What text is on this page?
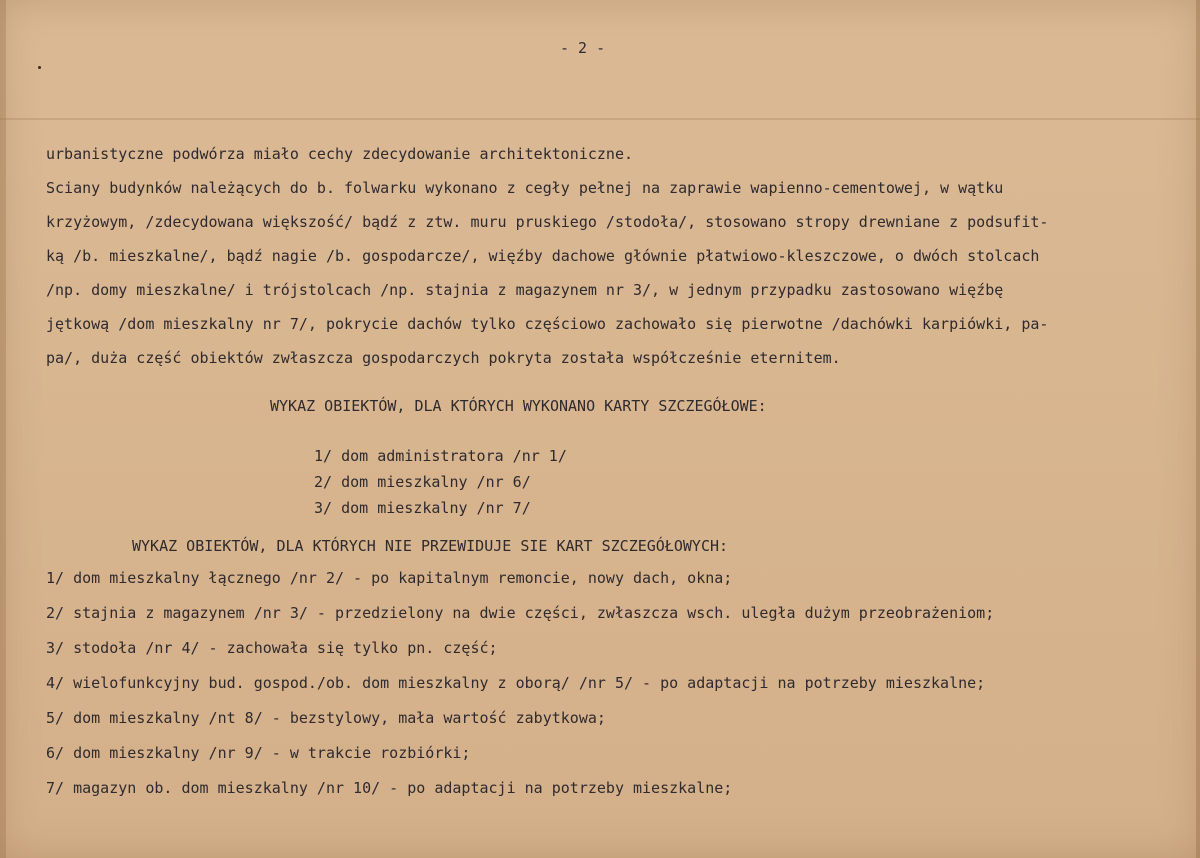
- 2 -
urbanistyczne podwórza miało cechy zdecydowanie architektoniczne.
Sciany budynków należących do b. folwarku wykonano z cegły pełnej na zaprawie wapienno-cementowej, w wątku
krzyżowym, /zdecydowana większość/ bądź z ztw. muru pruskiego /stodoła/, stosowano stropy drewniane z podsufit-
ką /b. mieszkalne/, bądź nagie /b. gospodarcze/, więźby dachowe głównie płatwiowo-kleszczowe, o dwóch stolcach
/np. domy mieszkalne/ i trójstolcach /np. stajnia z magazynem nr 3/, w jednym przypadku zastosowano więźbę
jętkową /dom mieszkalny nr 7/, pokrycie dachów tylko częściowo zachowało się pierwotne /dachówki karpiówki, pa-
pa/, duża część obiektów zwłaszcza gospodarczych pokryta została współcześnie eternitem.
WYKAZ OBIEKTÓW, DLA KTÓRYCH WYKONANO KARTY SZCZEGÓŁOWE:
1/ dom administratora /nr 1/
2/ dom mieszkalny /nr 6/
3/ dom mieszkalny /nr 7/
WYKAZ OBIEKTÓW, DLA KTÓRYCH NIE PRZEWIDUJE SIE KART SZCZEGÓŁOWYCH:
1/ dom mieszkalny łącznego /nr 2/ - po kapitalnym remoncie, nowy dach, okna;
2/ stajnia z magazynem /nr 3/ - przedzielony na dwie części, zwłaszcza wsch. uległa dużym przeobrażeniom;
3/ stodoła /nr 4/ - zachowała się tylko pn. część;
4/ wielofunkcyjny bud. gospod./ob. dom mieszkalny z oborą/ /nr 5/ - po adaptacji na potrzeby mieszkalne;
5/ dom mieszkalny /nt 8/ - bezstylowy, mała wartość zabytkowa;
6/ dom mieszkalny /nr 9/ - w trakcie rozbiórki;
7/ magazyn ob. dom mieszkalny /nr 10/ - po adaptacji na potrzeby mieszkalne;
